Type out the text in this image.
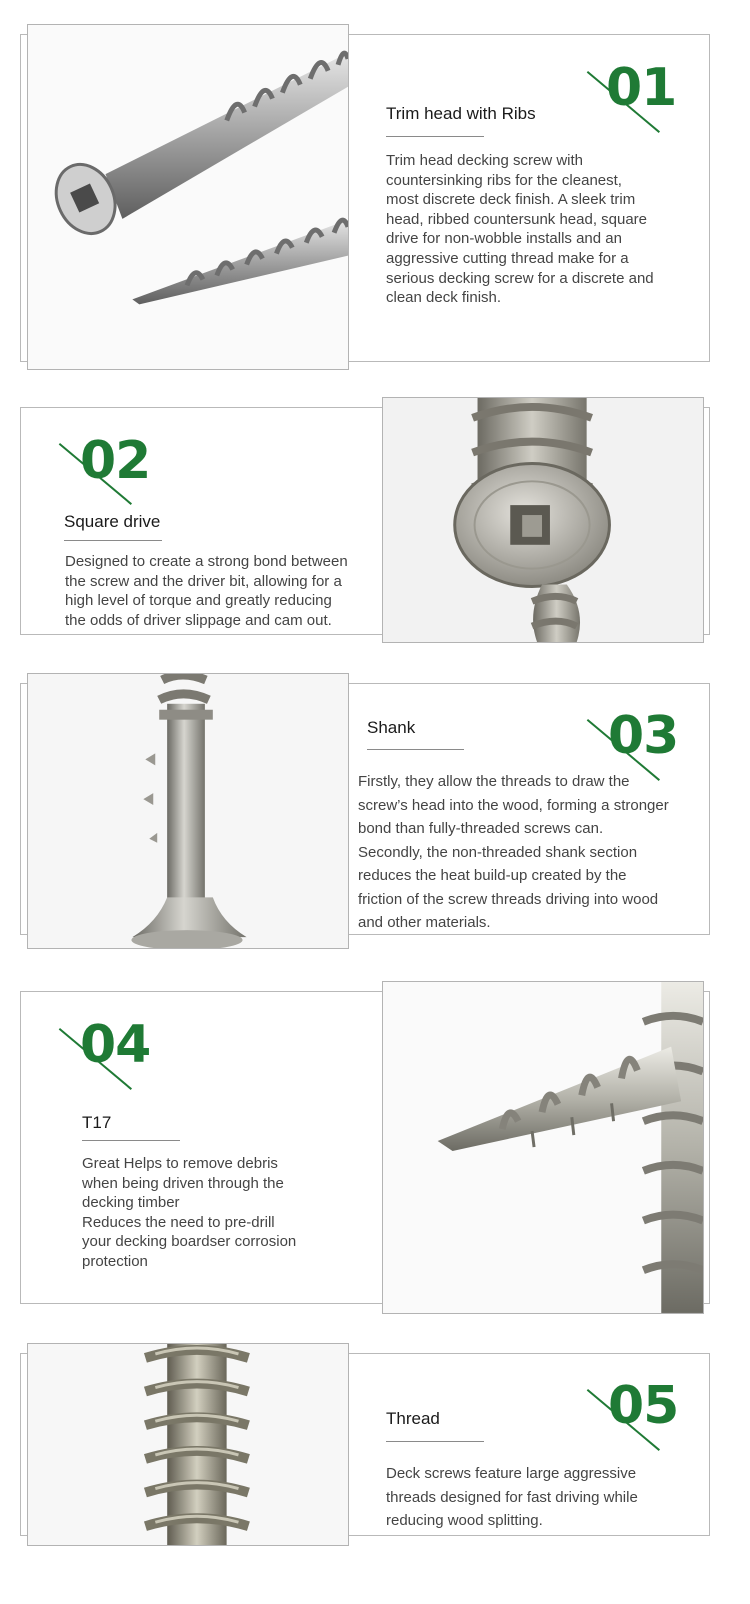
01
Trim head with Ribs
Trim head decking screw with
countersinking ribs for the cleanest,
most discrete deck finish. A sleek trim
head, ribbed countersunk head, square
drive for non-wobble installs and an
aggressive cutting thread make for a
serious decking screw for a discrete and
clean deck finish.
02
Square drive
Designed to create a strong bond between
the screw and the driver bit, allowing for a
high level of torque and greatly reducing
the odds of driver slippage and cam out.
03
Shank
Firstly, they allow the threads to draw the
screw’s head into the wood, forming a stronger
bond than fully-threaded screws can.
Secondly, the non-threaded shank section
reduces the heat build-up created by the
friction of the screw threads driving into wood
and other materials.
04
T17
Great Helps to remove debris
when being driven through the
decking timber
Reduces the need to pre-drill
your decking boardser corrosion
protection
05
Thread
Deck screws feature large aggressive
threads designed for fast driving while
reducing wood splitting.
